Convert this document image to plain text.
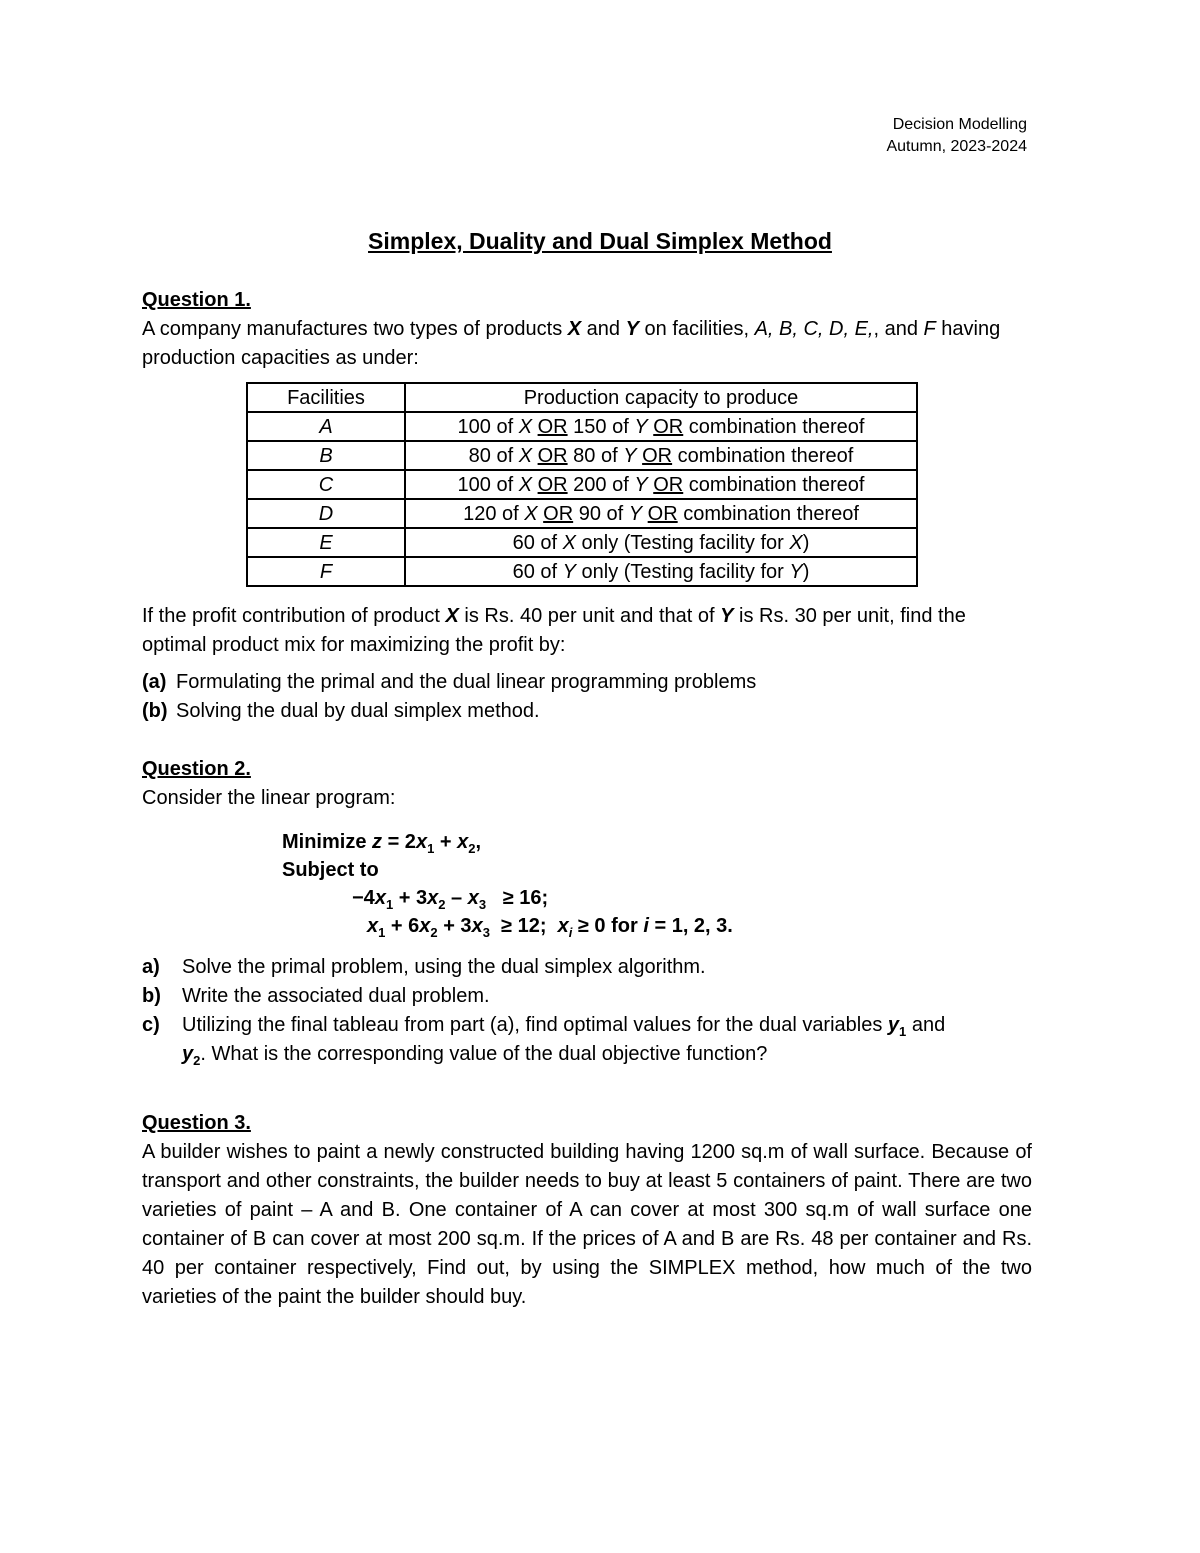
Decision Modelling
Autumn, 2023-2024
Simplex, Duality and Dual Simplex Method

Question 1.

A company manufactures two types of products X and Y on facilities, A, B, C, D, E,, and F having production capacities as under:

Facilities	Production capacity to produce
A	100 of X OR 150 of Y OR combination thereof
B	80 of X OR 80 of Y OR combination thereof
C	100 of X OR 200 of Y OR combination thereof
D	120 of X OR 90 of Y OR combination thereof
E	60 of X only (Testing facility for X)
F	60 of Y only (Testing facility for Y)

If the profit contribution of product X is Rs. 40 per unit and that of Y is Rs. 30 per unit, find the optimal product mix for maximizing the profit by:

(a) Formulating the primal and the dual linear programming problems
(b) Solving the dual by dual simplex method.

Question 2.

Consider the linear program:

Minimize $z = 2x_1 + x_2$,
Subject to
$-4x_1 + 3x_2 - x_3 \ge 16$;
$x_1 + 6x_2 + 3x_3 \ge 12$;  $x_i \ge 0$ for i = 1, 2, 3.
a)	Solve the primal problem, using the dual simplex algorithm.
b)	Write the associated dual problem.
c)	Utilizing the final tableau from part (a), find optimal values for the dual variables $y_1$ and
$y_2$. What is the corresponding value of the dual objective function?

Question 3.

A builder wishes to paint a newly constructed building having 1200 sq.m of wall surface. Because of transport and other constraints, the builder needs to buy at least 5 containers of paint. There are two varieties of paint – A and B. One container of A can cover at most 300 sq.m of wall surface one container of B can cover at most 200 sq.m. If the prices of A and B are Rs. 48 per container and Rs. 40 per container respectively, Find out, by using the SIMPLEX method, how much of the two varieties of the paint the builder should buy.
